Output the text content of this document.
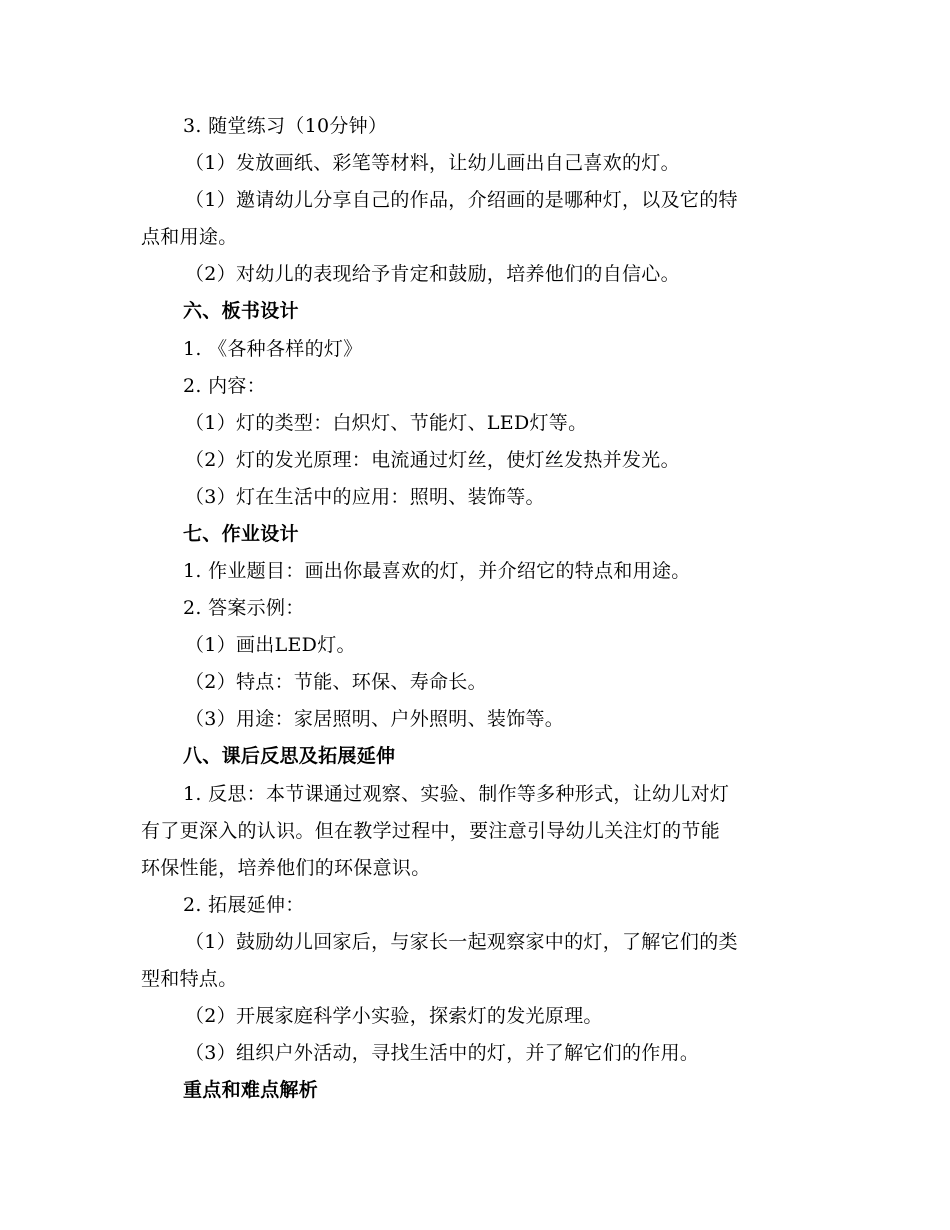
3. 随堂练习（10分钟）
（1）发放画纸、彩笔等材料，让幼儿画出自己喜欢的灯。
（1）邀请幼儿分享自己的作品，介绍画的是哪种灯，以及它的特
点和用途。
（2）对幼儿的表现给予肯定和鼓励，培养他们的自信心。
六、板书设计
1. 《各种各样的灯》
2. 内容：
（1）灯的类型：白炽灯、节能灯、LED灯等。
（2）灯的发光原理：电流通过灯丝，使灯丝发热并发光。
（3）灯在生活中的应用：照明、装饰等。
七、作业设计
1. 作业题目：画出你最喜欢的灯，并介绍它的特点和用途。
2. 答案示例：
（1）画出LED灯。
（2）特点：节能、环保、寿命长。
（3）用途：家居照明、户外照明、装饰等。
八、课后反思及拓展延伸
1. 反思：本节课通过观察、实验、制作等多种形式，让幼儿对灯
有了更深入的认识。但在教学过程中，要注意引导幼儿关注灯的节能
环保性能，培养他们的环保意识。
2. 拓展延伸：
（1）鼓励幼儿回家后，与家长一起观察家中的灯，了解它们的类
型和特点。
（2）开展家庭科学小实验，探索灯的发光原理。
（3）组织户外活动，寻找生活中的灯，并了解它们的作用。
重点和难点解析
